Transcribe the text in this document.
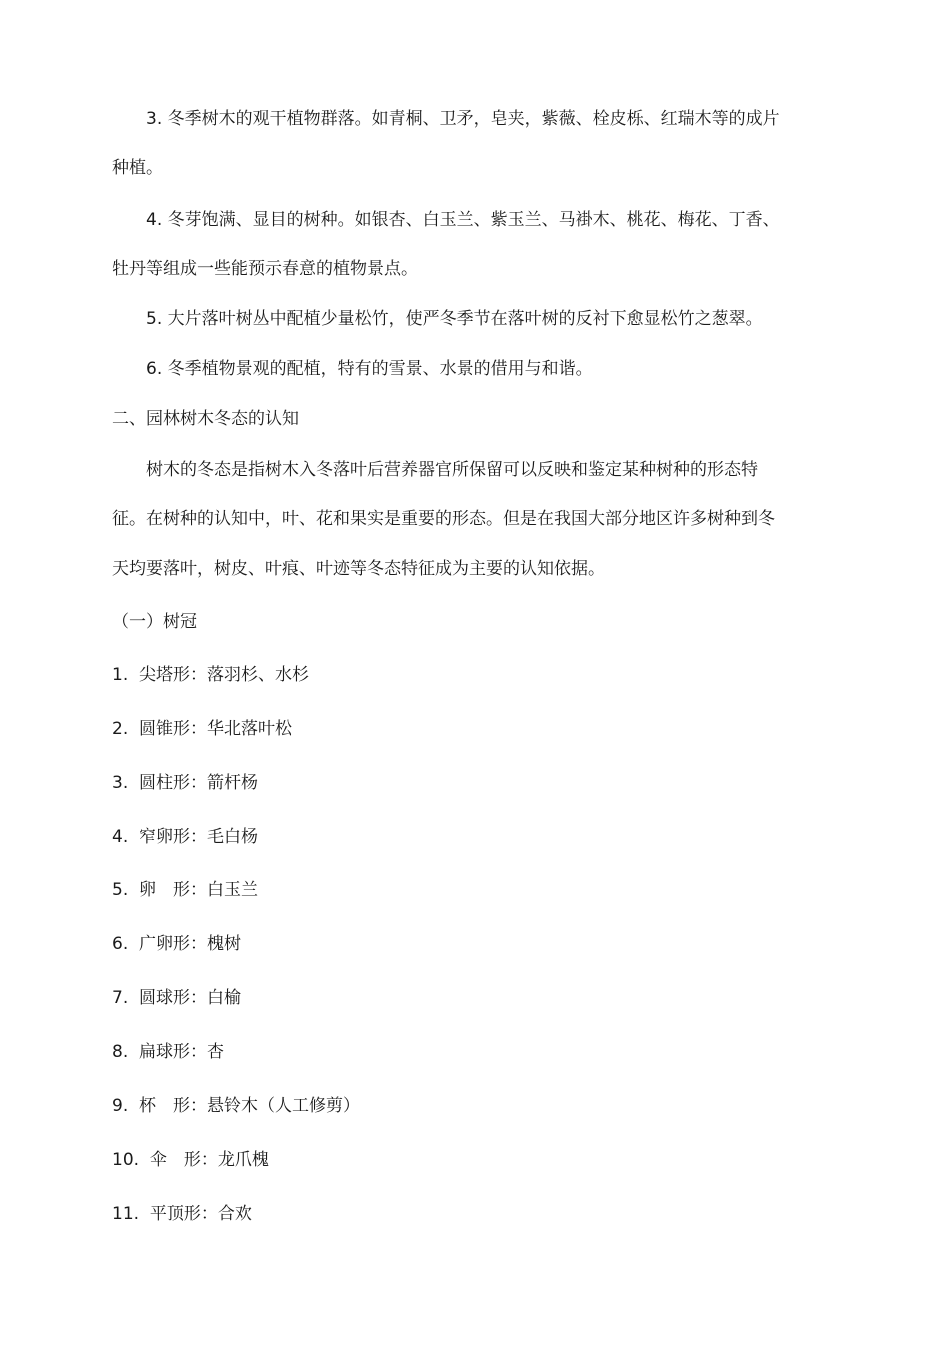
3. 冬季树木的观干植物群落。如青桐、卫矛，皂夹，紫薇、栓皮栎、红瑞木等的成片
种植。
4. 冬芽饱满、显目的树种。如银杏、白玉兰、紫玉兰、马褂木、桃花、梅花、丁香、
牡丹等组成一些能预示春意的植物景点。
5. 大片落叶树丛中配植少量松竹，使严冬季节在落叶树的反衬下愈显松竹之葱翠。
6. 冬季植物景观的配植，特有的雪景、水景的借用与和谐。
二、园林树木冬态的认知
树木的冬态是指树木入冬落叶后营养器官所保留可以反映和鉴定某种树种的形态特
征。在树种的认知中，叶、花和果实是重要的形态。但是在我国大部分地区许多树种到冬
天均要落叶，树皮、叶痕、叶迹等冬态特征成为主要的认知依据。
（一）树冠
1. 尖塔形：落羽杉、水杉
2. 圆锥形：华北落叶松
3. 圆柱形：箭杆杨
4. 窄卵形：毛白杨
5. 卵　形：白玉兰
6. 广卵形：槐树
7. 圆球形：白榆
8. 扁球形：杏
9. 杯　形：悬铃木（人工修剪）
10. 伞　形：龙爪槐
11. 平顶形：合欢
